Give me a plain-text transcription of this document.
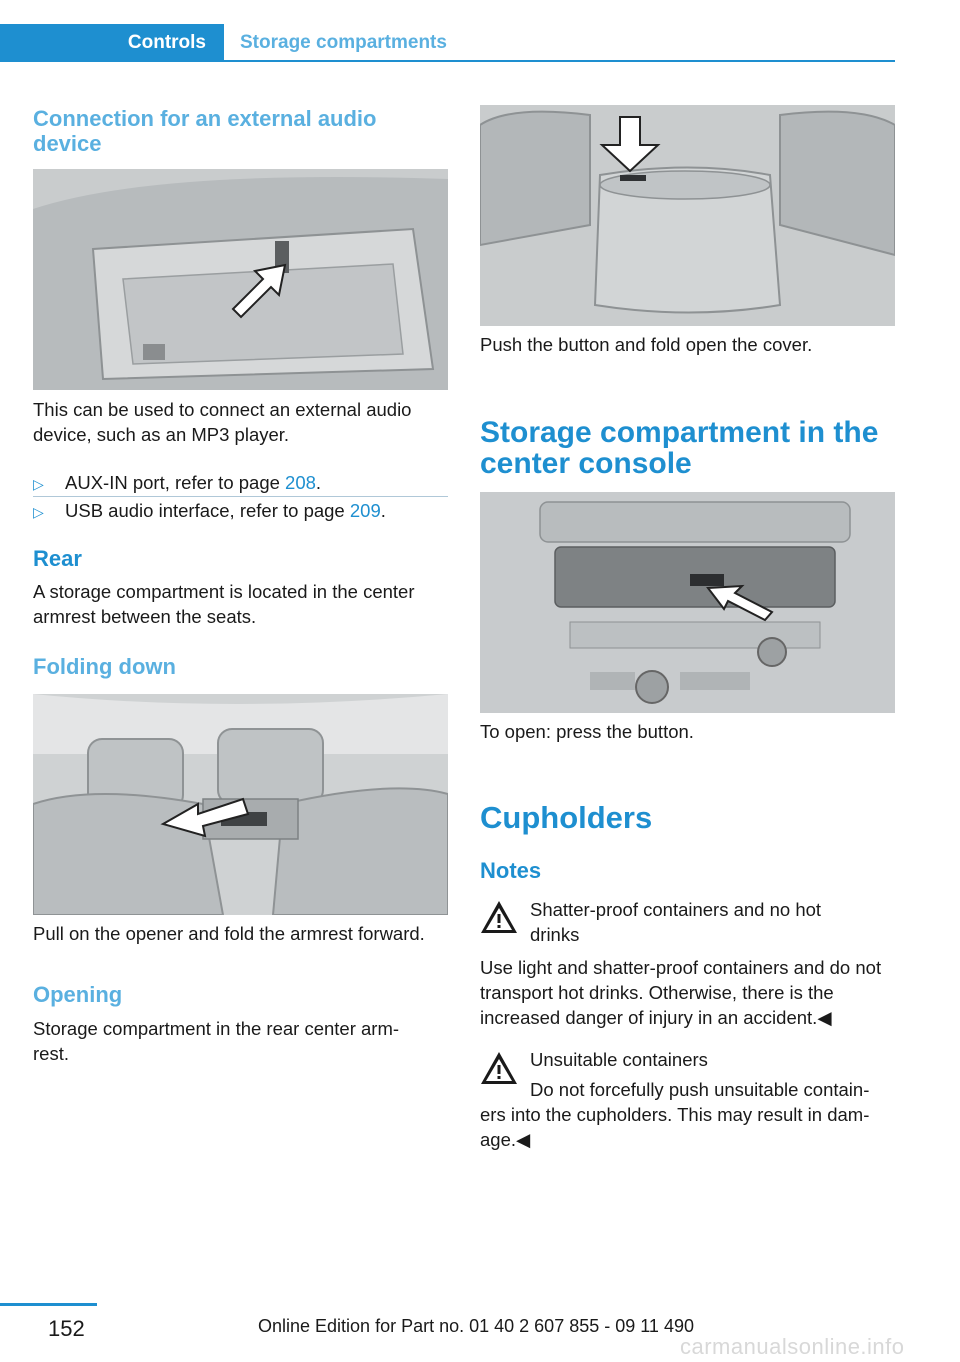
Controls	Storage compartments
Connection for an external audio device
This can be used to connect an external audio device, such as an MP3 player.
▷	AUX-IN port, refer to page 208.
▷	USB audio interface, refer to page 209.
Rear
A storage compartment is located in the center armrest between the seats.
Folding down
Pull on the opener and fold the armrest forward.
Opening
Storage compartment in the rear center arm-rest.
Push the button and fold open the cover.
Storage compartment in the center console
To open: press the button.
Cupholders
Notes
Shatter-proof containers and no hot drinks
Use light and shatter-proof containers and do not transport hot drinks. Otherwise, there is the increased danger of injury in an accident.◀
Unsuitable containers
Do not forcefully push unsuitable contain-
ers into the cupholders. This may result in dam-age.◀
152	Online Edition for Part no. 01 40 2 607 855 - 09 11 490
carmanualsonline.info
